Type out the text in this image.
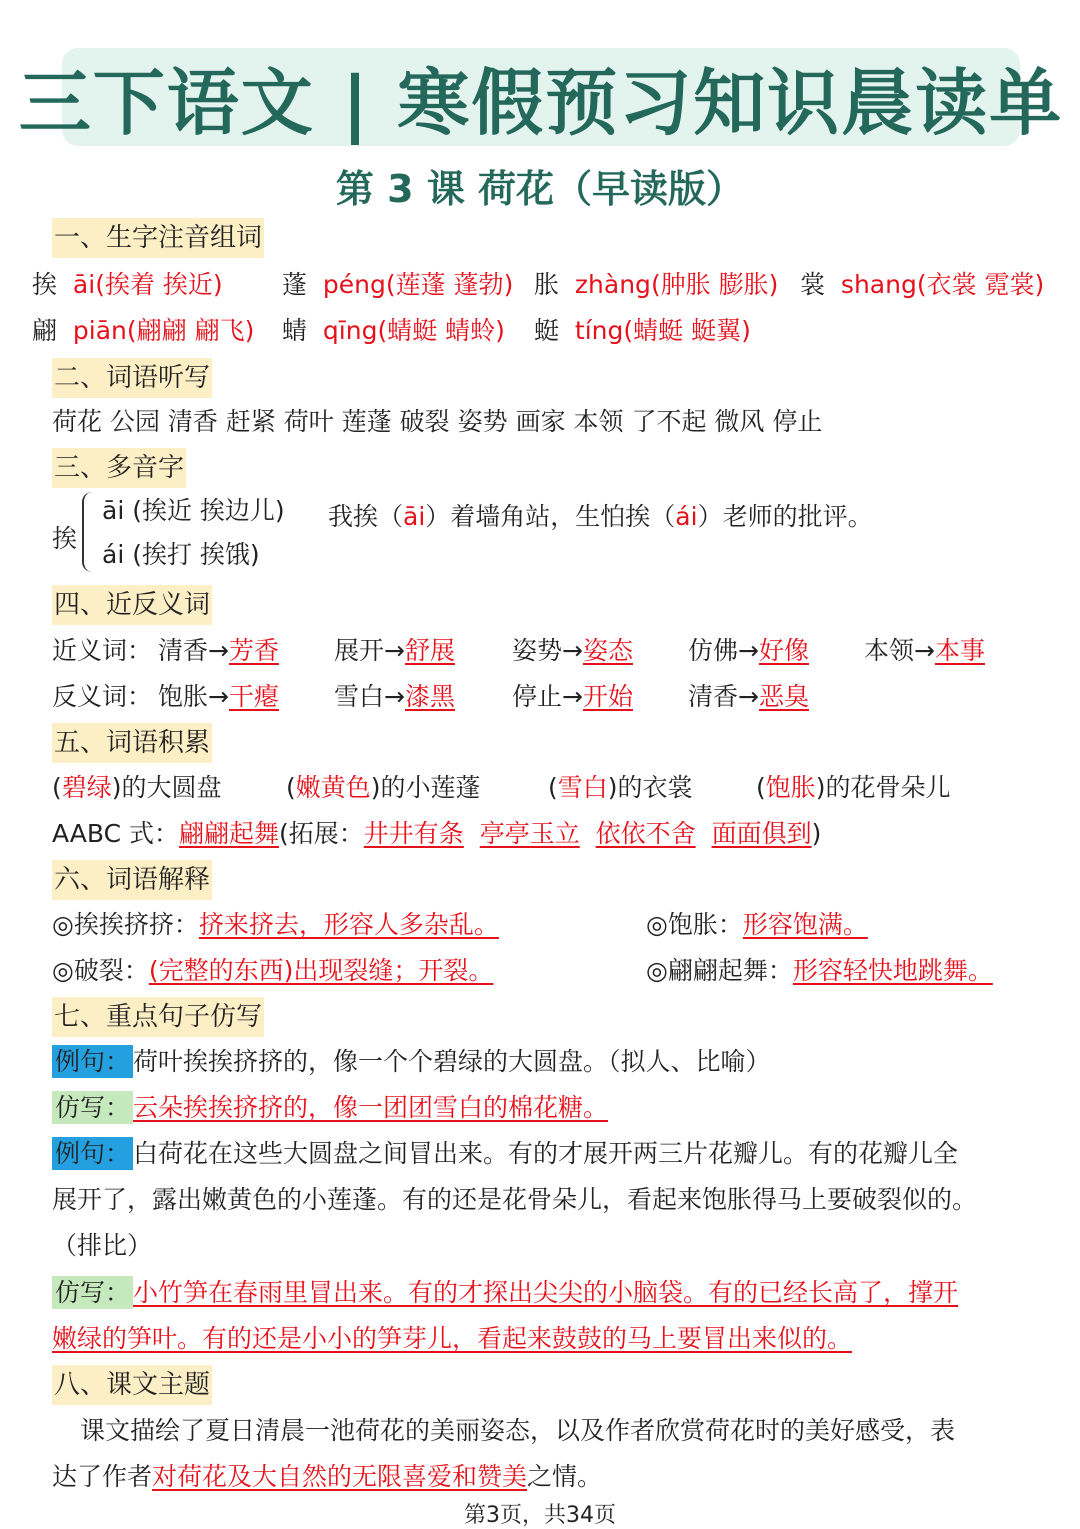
三下语文 | 寒假预习知识晨读单
第 3 课 荷花（早读版）
一、生字注音组词
挨 āi(挨着 挨近) 蓬 péng(莲蓬 蓬勃) 胀 zhàng(肿胀 膨胀) 裳 shang(衣裳 霓裳)
翩 piān(翩翩 翩飞) 蜻 qīng(蜻蜓 蜻蛉) 蜓 tíng(蜻蜓 蜓翼)
二、词语听写
荷花 公园 清香 赶紧 荷叶 莲蓬 破裂 姿势 画家 本领 了不起 微风 停止
三、多音字
挨
āi (挨近 挨边儿)
ái (挨打 挨饿)
我挨（āi）着墙角站，生怕挨（ái）老师的批评。
四、近反义词
近义词： 清香→芳香 展开→舒展 姿势→姿态 仿佛→好像 本领→本事
反义词： 饱胀→干瘪 雪白→漆黑 停止→开始 清香→恶臭
五、词语积累
(碧绿)的大圆盘	(嫩黄色)的小莲蓬	(雪白)的衣裳	(饱胀)的花骨朵儿
AABC 式：翩翩起舞(拓展：井井有条 亭亭玉立 依依不舍 面面俱到)
六、词语解释
◎挨挨挤挤：挤来挤去，形容人多杂乱。	◎饱胀：形容饱满。
◎破裂：(完整的东西)出现裂缝；开裂。	◎翩翩起舞：形容轻快地跳舞。
七、重点句子仿写
例句： 荷叶挨挨挤挤的，像一个个碧绿的大圆盘。（拟人、比喻）
仿写： 云朵挨挨挤挤的，像一团团雪白的棉花糖。
例句： 白荷花在这些大圆盘之间冒出来。有的才展开两三片花瓣儿。有的花瓣儿全
展开了，露出嫩黄色的小莲蓬。有的还是花骨朵儿，看起来饱胀得马上要破裂似的。
（排比）
仿写： 小竹笋在春雨里冒出来。有的才探出尖尖的小脑袋。有的已经长高了，撑开
嫩绿的笋叶。有的还是小小的笋芽儿，看起来鼓鼓的马上要冒出来似的。
八、课文主题
课文描绘了夏日清晨一池荷花的美丽姿态，以及作者欣赏荷花时的美好感受，表
达了作者对荷花及大自然的无限喜爱和赞美之情。
第3页，共34页
